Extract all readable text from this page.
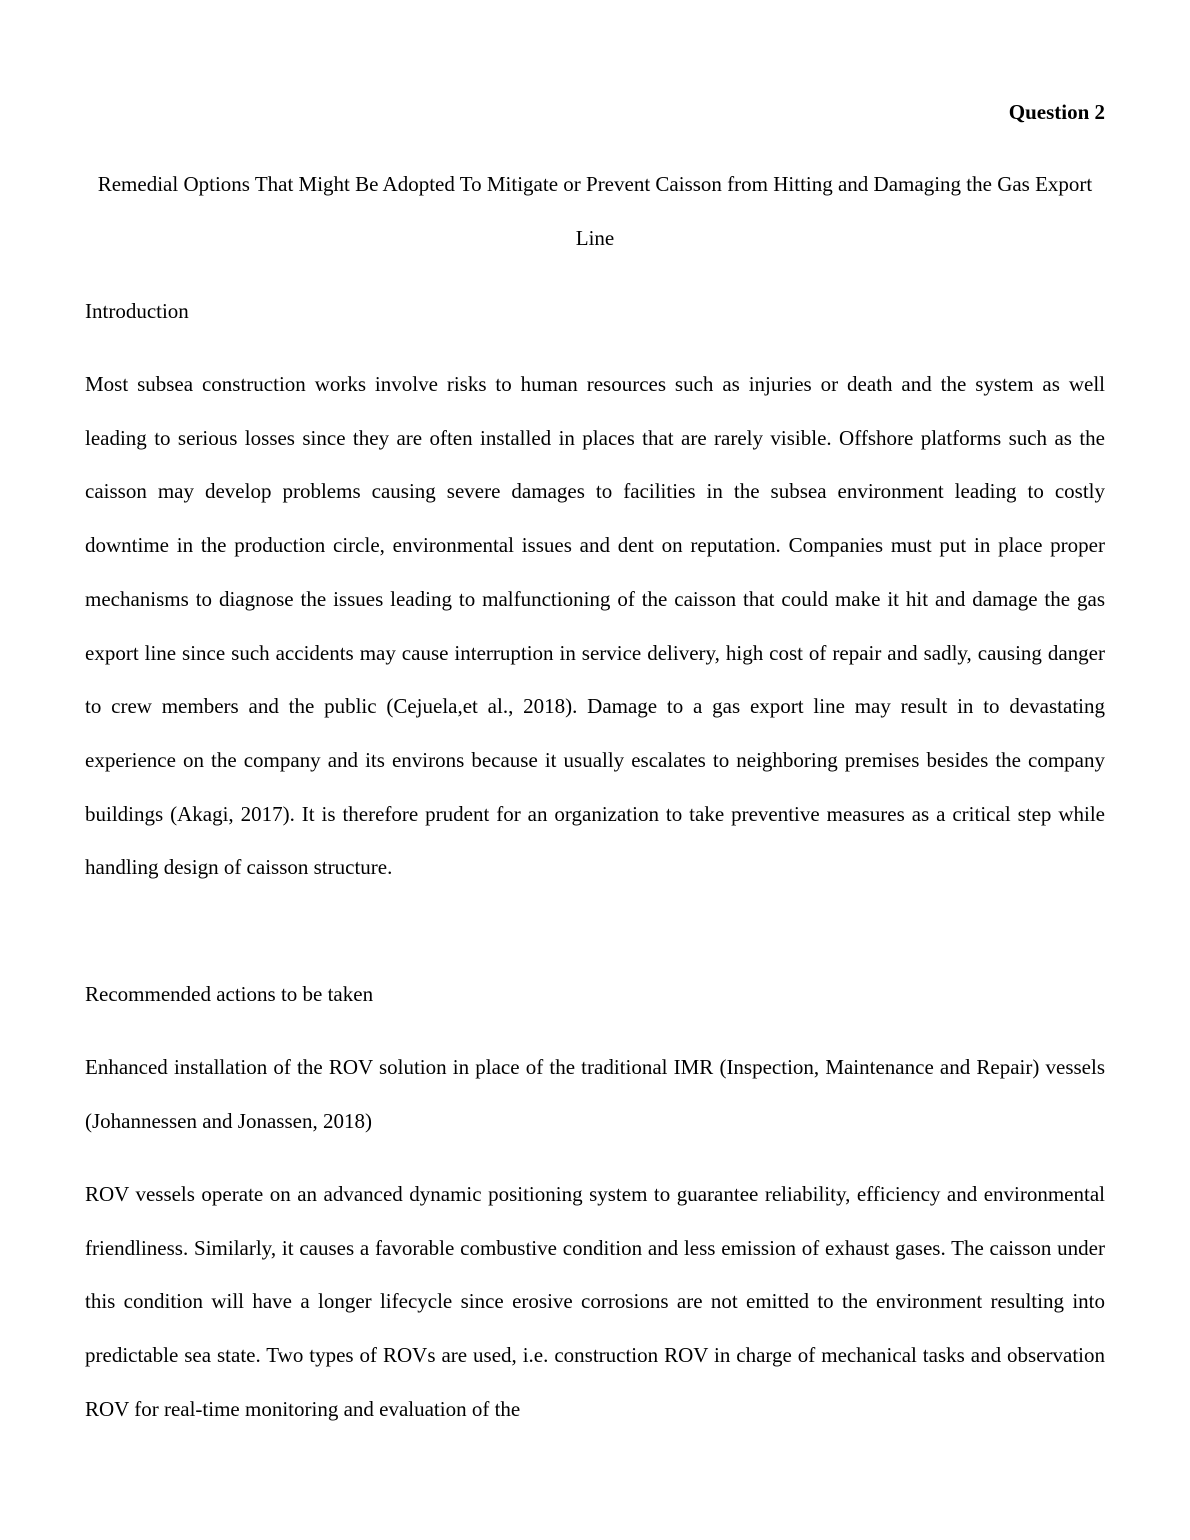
Question 2

Remedial Options That Might Be Adopted To Mitigate or Prevent Caisson from Hitting and Damaging the Gas Export Line
Introduction

Most subsea construction works involve risks to human resources such as injuries or death and the system as well leading to serious losses since they are often installed in places that are rarely visible. Offshore platforms such as the caisson may develop problems causing severe damages to facilities in the subsea environment leading to costly downtime in the production circle, environmental issues and dent on reputation. Companies must put in place proper mechanisms to diagnose the issues leading to malfunctioning of the caisson that could make it hit and damage the gas export line since such accidents may cause interruption in service delivery, high cost of repair and sadly, causing danger to crew members and the public (Cejuela,et al., 2018). Damage to a gas export line may result in to devastating experience on the company and its environs because it usually escalates to neighboring premises besides the company buildings (Akagi, 2017). It is therefore prudent for an organization to take preventive measures as a critical step while handling design of caisson structure.

Recommended actions to be taken

Enhanced installation of the ROV solution in place of the traditional IMR (Inspection, Maintenance and Repair) vessels (Johannessen and Jonassen, 2018)

ROV vessels operate on an advanced dynamic positioning system to guarantee reliability, efficiency and environmental friendliness. Similarly, it causes a favorable combustive condition and less emission of exhaust gases. The caisson under this condition will have a longer lifecycle since erosive corrosions are not emitted to the environment resulting into predictable sea state. Two types of ROVs are used, i.e. construction ROV in charge of mechanical tasks and observation ROV for real-time monitoring and evaluation of the
